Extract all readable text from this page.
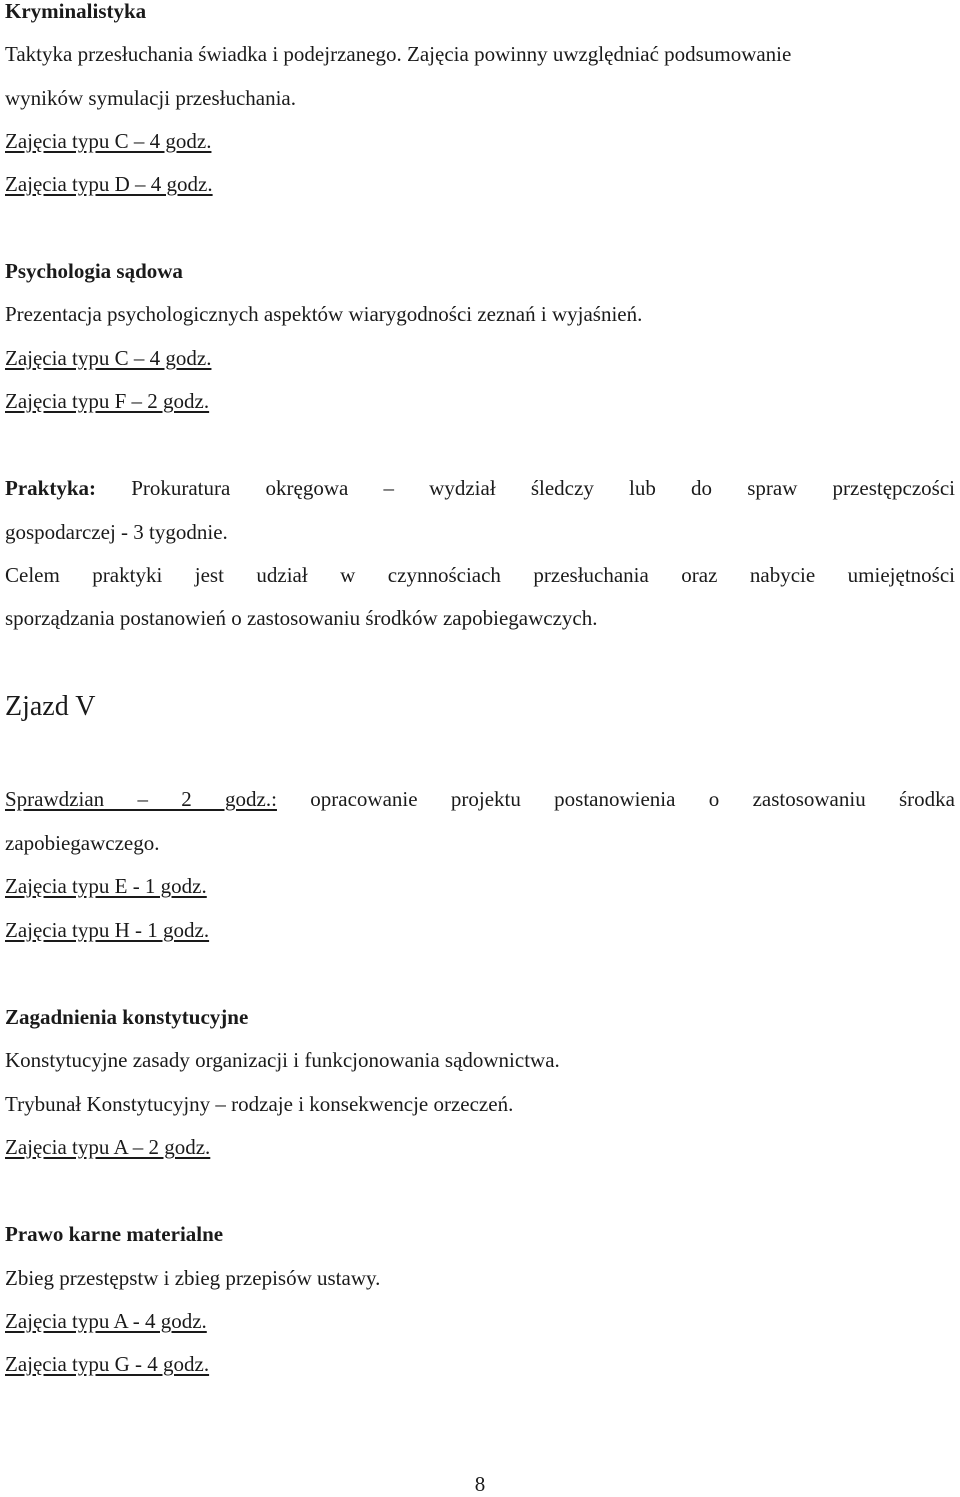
Kryminalistyka
Taktyka przesłuchania świadka i podejrzanego. Zajęcia powinny uwzględniać podsumowanie
wyników symulacji przesłuchania.
Zajęcia typu C – 4 godz.
Zajęcia typu D – 4 godz.
Psychologia sądowa
Prezentacja psychologicznych aspektów wiarygodności zeznań i wyjaśnień.
Zajęcia typu C – 4 godz.
Zajęcia typu F – 2 godz.
Praktyka: Prokuratura okręgowa – wydział śledczy lub do spraw przestępczości
gospodarczej - 3 tygodnie.
Celem praktyki jest udział w czynnościach przesłuchania oraz nabycie umiejętności
sporządzania postanowień o zastosowaniu środków zapobiegawczych.
Zjazd V
Sprawdzian – 2 godz.: opracowanie projektu postanowienia o zastosowaniu środka
zapobiegawczego.
Zajęcia typu E - 1 godz.
Zajęcia typu H - 1 godz.
Zagadnienia konstytucyjne
Konstytucyjne zasady organizacji i funkcjonowania sądownictwa.
Trybunał Konstytucyjny – rodzaje i konsekwencje orzeczeń.
Zajęcia typu A – 2 godz.
Prawo karne materialne
Zbieg przestępstw i zbieg przepisów ustawy.
Zajęcia typu A - 4 godz.
Zajęcia typu G - 4 godz.
8
